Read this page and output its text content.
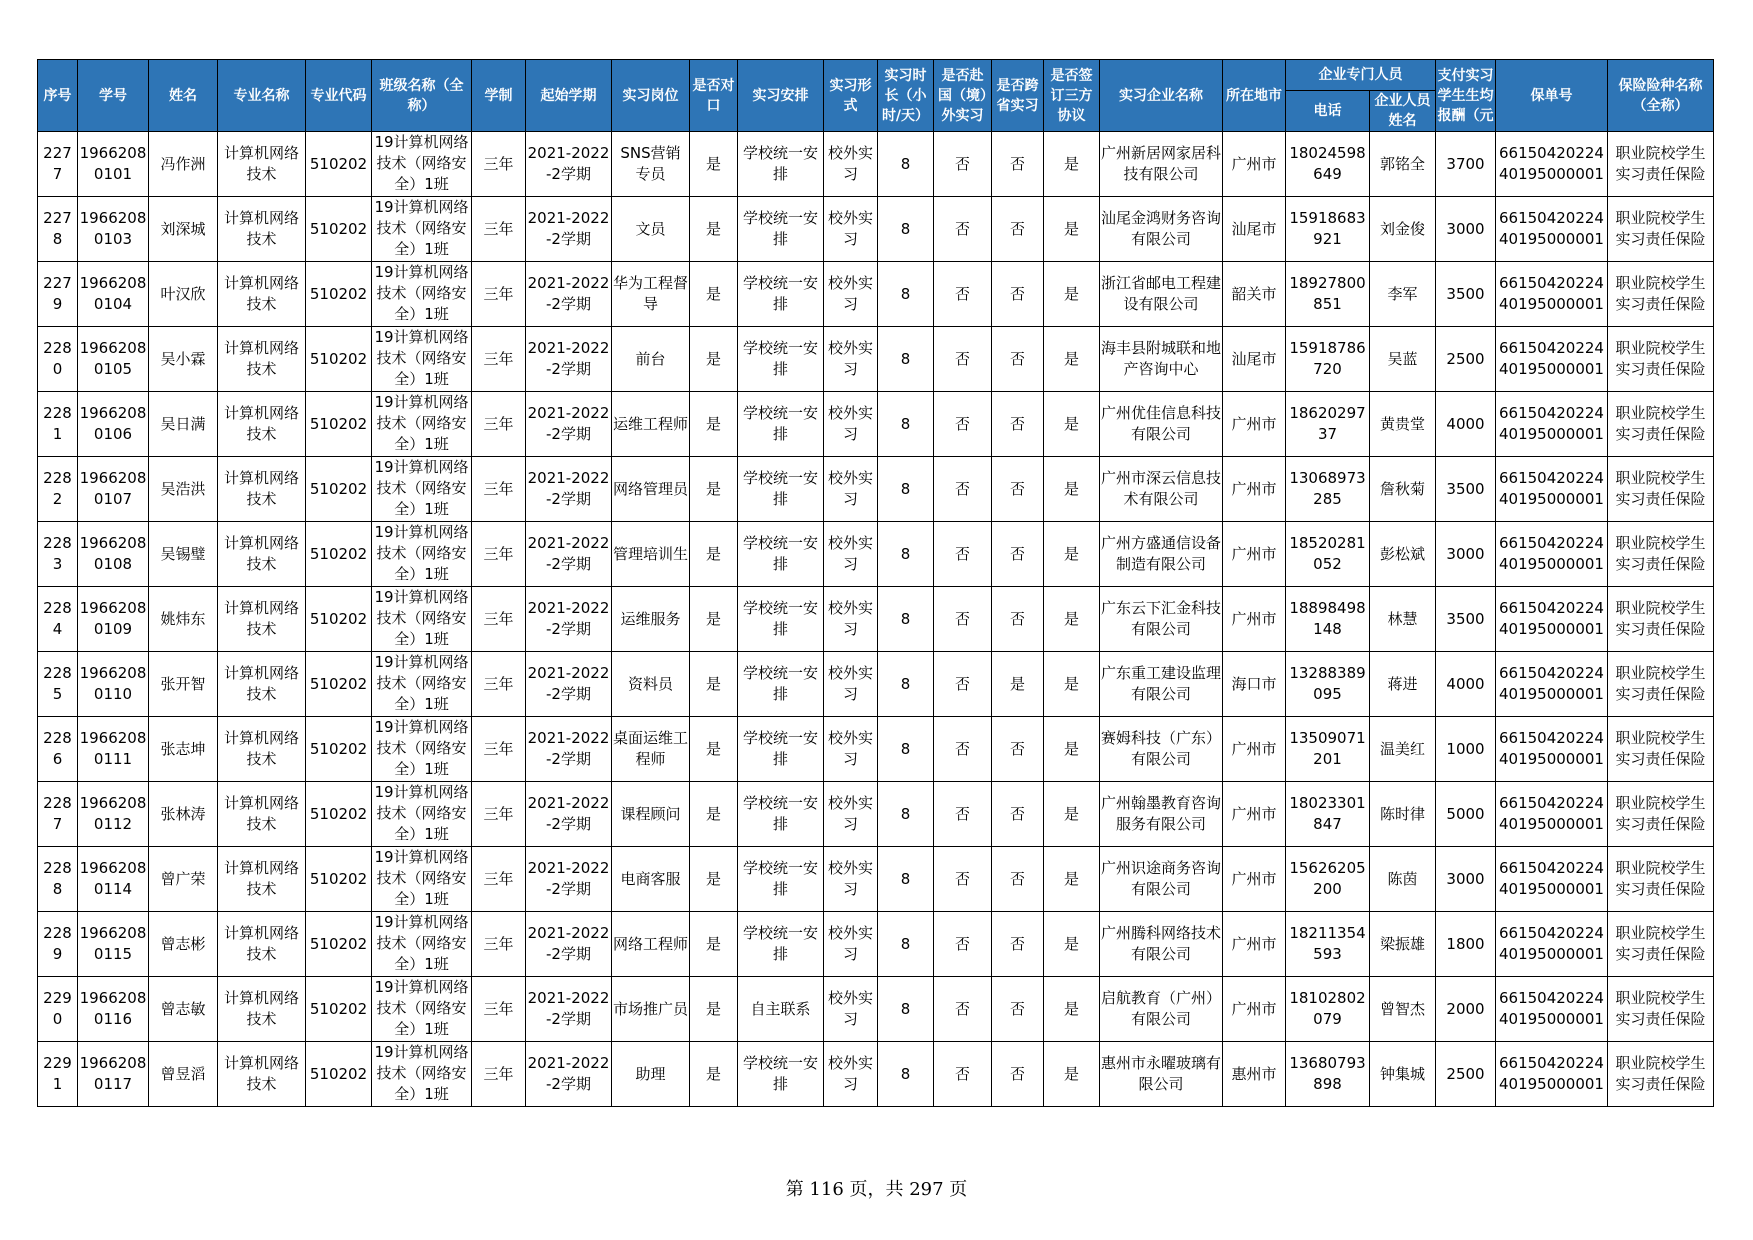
序号	学号	姓名	专业名称	专业代码	班级名称（全称）	学制	起始学期	实习岗位	是否对口	实习安排	实习形式	实习时长（小时/天）	是否赴国（境）外实习	是否跨省实习	是否签订三方协议	实习企业名称	所在地市	企业专门人员		支付实习学生生均报酬（元	保单号	保险险种名称（全称）
																		电话	企业人员姓名			
2277	19662080101	冯作洲	计算机网络技术	510202	19计算机网络技术（网络安全）1班	三年	2021-2022-2学期	SNS营销专员	是	学校统一安排	校外实习	8	否	否	是	广州新居网家居科技有限公司	广州市	18024598649	郭铭全	3700	6615042022440195000001	职业院校学生实习责任保险
2278	19662080103	刘深城	计算机网络技术	510202	19计算机网络技术（网络安全）1班	三年	2021-2022-2学期	文员	是	学校统一安排	校外实习	8	否	否	是	汕尾金鸿财务咨询有限公司	汕尾市	15918683921	刘金俊	3000	6615042022440195000001	职业院校学生实习责任保险
2279	19662080104	叶汉欣	计算机网络技术	510202	19计算机网络技术（网络安全）1班	三年	2021-2022-2学期	华为工程督导	是	学校统一安排	校外实习	8	否	否	是	浙江省邮电工程建设有限公司	韶关市	18927800851	李军	3500	6615042022440195000001	职业院校学生实习责任保险
2280	19662080105	吴小霖	计算机网络技术	510202	19计算机网络技术（网络安全）1班	三年	2021-2022-2学期	前台	是	学校统一安排	校外实习	8	否	否	是	海丰县附城联和地产咨询中心	汕尾市	15918786720	吴蓝	2500	6615042022440195000001	职业院校学生实习责任保险
2281	19662080106	吴日满	计算机网络技术	510202	19计算机网络技术（网络安全）1班	三年	2021-2022-2学期	运维工程师	是	学校统一安排	校外实习	8	否	否	是	广州优佳信息科技有限公司	广州市	1862029737	黄贵堂	4000	6615042022440195000001	职业院校学生实习责任保险
2282	19662080107	吴浩洪	计算机网络技术	510202	19计算机网络技术（网络安全）1班	三年	2021-2022-2学期	网络管理员	是	学校统一安排	校外实习	8	否	否	是	广州市深云信息技术有限公司	广州市	13068973285	詹秋菊	3500	6615042022440195000001	职业院校学生实习责任保险
2283	19662080108	吴锡璧	计算机网络技术	510202	19计算机网络技术（网络安全）1班	三年	2021-2022-2学期	管理培训生	是	学校统一安排	校外实习	8	否	否	是	广州方盛通信设备制造有限公司	广州市	18520281052	彭松斌	3000	6615042022440195000001	职业院校学生实习责任保险
2284	19662080109	姚炜东	计算机网络技术	510202	19计算机网络技术（网络安全）1班	三年	2021-2022-2学期	运维服务	是	学校统一安排	校外实习	8	否	否	是	广东云下汇金科技有限公司	广州市	18898498148	林慧	3500	6615042022440195000001	职业院校学生实习责任保险
2285	19662080110	张开智	计算机网络技术	510202	19计算机网络技术（网络安全）1班	三年	2021-2022-2学期	资料员	是	学校统一安排	校外实习	8	否	是	是	广东重工建设监理有限公司	海口市	13288389095	蒋进	4000	6615042022440195000001	职业院校学生实习责任保险
2286	19662080111	张志坤	计算机网络技术	510202	19计算机网络技术（网络安全）1班	三年	2021-2022-2学期	桌面运维工程师	是	学校统一安排	校外实习	8	否	否	是	赛姆科技（广东）有限公司	广州市	13509071201	温美红	1000	6615042022440195000001	职业院校学生实习责任保险
2287	19662080112	张林涛	计算机网络技术	510202	19计算机网络技术（网络安全）1班	三年	2021-2022-2学期	课程顾问	是	学校统一安排	校外实习	8	否	否	是	广州翰墨教育咨询服务有限公司	广州市	18023301847	陈时律	5000	6615042022440195000001	职业院校学生实习责任保险
2288	19662080114	曾广荣	计算机网络技术	510202	19计算机网络技术（网络安全）1班	三年	2021-2022-2学期	电商客服	是	学校统一安排	校外实习	8	否	否	是	广州识途商务咨询有限公司	广州市	15626205200	陈茵	3000	6615042022440195000001	职业院校学生实习责任保险
2289	19662080115	曾志彬	计算机网络技术	510202	19计算机网络技术（网络安全）1班	三年	2021-2022-2学期	网络工程师	是	学校统一安排	校外实习	8	否	否	是	广州腾科网络技术有限公司	广州市	18211354593	梁振雄	1800	6615042022440195000001	职业院校学生实习责任保险
2290	19662080116	曾志敏	计算机网络技术	510202	19计算机网络技术（网络安全）1班	三年	2021-2022-2学期	市场推广员	是	自主联系	校外实习	8	否	否	是	启航教育（广州）有限公司	广州市	18102802079	曾智杰	2000	6615042022440195000001	职业院校学生实习责任保险
2291	19662080117	曾昱滔	计算机网络技术	510202	19计算机网络技术（网络安全）1班	三年	2021-2022-2学期	助理	是	学校统一安排	校外实习	8	否	否	是	惠州市永曜玻璃有限公司	惠州市	13680793898	钟集城	2500	6615042022440195000001	职业院校学生实习责任保险
第 116 页，共 297 页
